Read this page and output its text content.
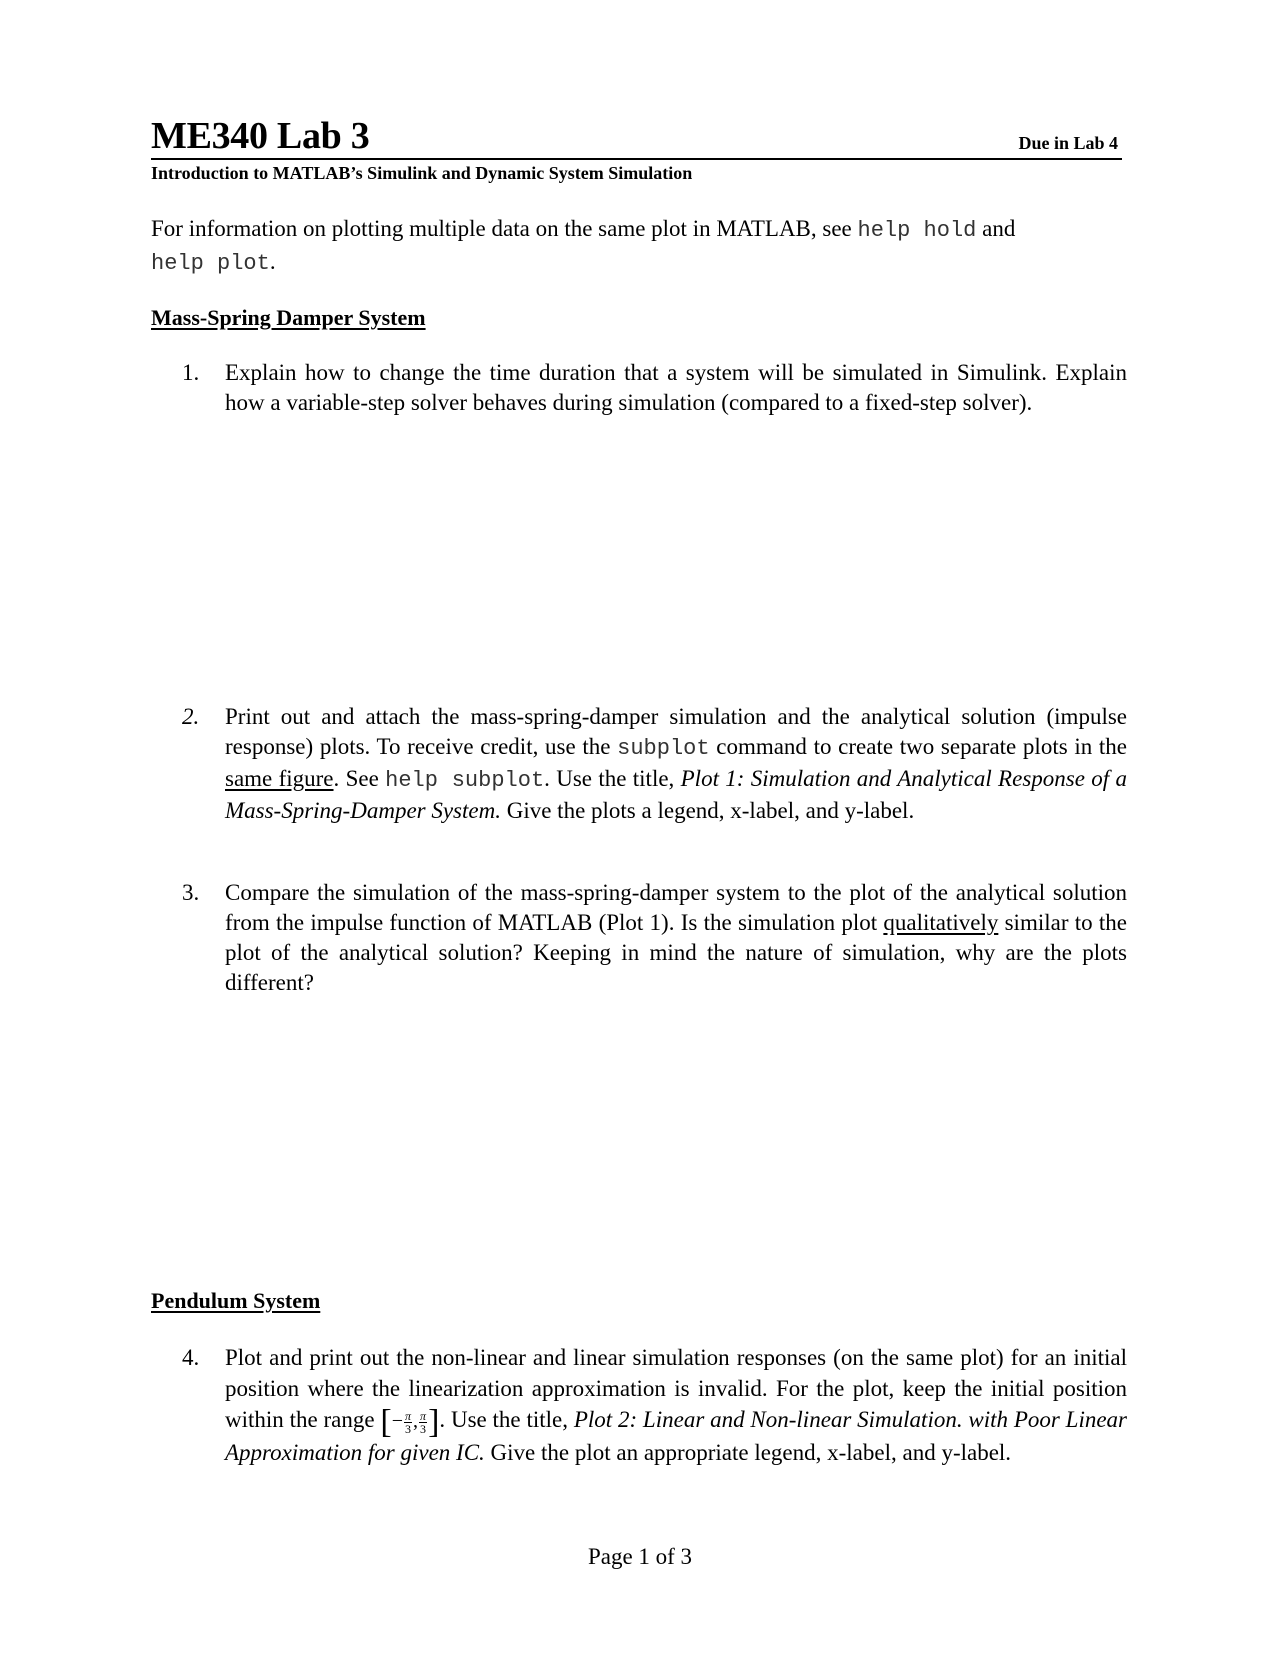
ME340 Lab 3	Due in Lab 4
Introduction to MATLAB’s Simulink and Dynamic System Simulation
For information on plotting multiple data on the same plot in MATLAB, see help hold and
help plot.
Mass-Spring Damper System
1.	Explain how to change the time duration that a system will be simulated in Simulink. Explain how a variable-step solver behaves during simulation (compared to a fixed-step solver).
2.	Print out and attach the mass-spring-damper simulation and the analytical solution (impulse response) plots. To receive credit, use the subplot command to create two separate plots in the same figure. See help subplot. Use the title, Plot 1: Simulation and Analytical Response of a Mass-Spring-Damper System. Give the plots a legend, x-label, and y-label.
3.	Compare the simulation of the mass-spring-damper system to the plot of the analytical solution from the impulse function of MATLAB (Plot 1). Is the simulation plot qualitatively similar to the plot of the analytical solution? Keeping in mind the nature of simulation, why are the plots different?
Pendulum System
4.	Plot and print out the non-linear and linear simulation responses (on the same plot) for an initial position where the linearization approximation is invalid. For the plot, keep the initial position within the range [− $\frac{\pi}{3}$ , $\frac{\pi}{3}$ ]. Use the title, Plot 2: Linear and Non-linear Simulation. with Poor Linear Approximation for given IC. Give the plot an appropriate legend, x-label, and y-label.
Page 1 of 3
